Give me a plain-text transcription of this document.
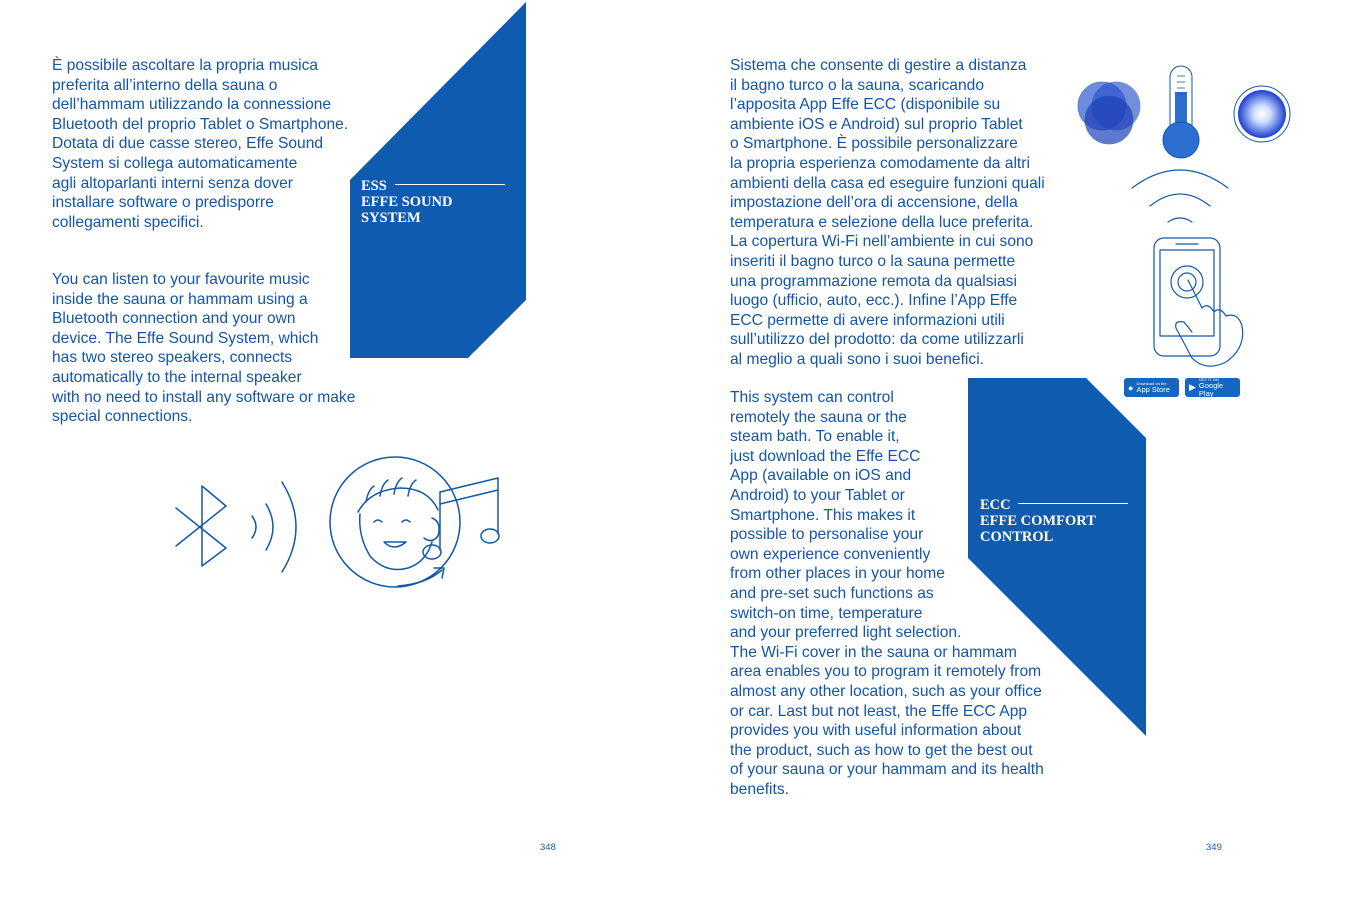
ESS
EFFE SOUND
SYSTEM

È possibile ascoltare la propria musica
preferita all’interno della sauna o
dell’hammam utilizzando la connessione
Bluetooth del proprio Tablet o Smartphone.
Dotata di due casse stereo, Effe Sound
System si collega automaticamente
agli altoparlanti interni senza dover
installare software o predisporre
collegamenti specifici.

You can listen to your favourite music
inside the sauna or hammam using a
Bluetooth connection and your own
device. The Effe Sound System, which
has two stereo speakers, connects
automatically to the internal speaker
with no need to install any software or make
special connections.

348
ECC
EFFE COMFORT
CONTROL

Sistema che consente di gestire a distanza
il bagno turco o la sauna, scaricando
l’apposita App Effe ECC (disponibile su
ambiente iOS e Android) sul proprio Tablet
o Smartphone. È possibile personalizzare
la propria esperienza comodamente da altri
ambienti della casa ed eseguire funzioni quali
impostazione dell’ora di accensione, della
temperatura e selezione della luce preferita.
La copertura Wi-Fi nell’ambiente in cui sono
inseriti il bagno turco o la sauna permette
una programmazione remota da qualsiasi
luogo (ufficio, auto, ecc.). Infine l’App Effe
ECC permette di avere informazioni utili
sull’utilizzo del prodotto: da come utilizzarli
al meglio a quali sono i suoi benefici.

This system can control
remotely the sauna or the
steam bath. To enable it,
just download the Effe ECC
App (available on iOS and
Android) to your Tablet or
Smartphone. This makes it
possible to personalise your
own experience conveniently
from other places in your home
and pre-set such functions as
switch-on time, temperature
and your preferred light selection.
The Wi-Fi cover in the sauna or hammam
area enables you to program it remotely from
almost any other location, such as your office
or car. Last but not least, the Effe ECC App
provides you with useful information about
the product, such as how to get the best out
of your sauna or your hammam and its health
benefits.

● Download on the
App Store ▶
GET IT ON
Google Play
349
